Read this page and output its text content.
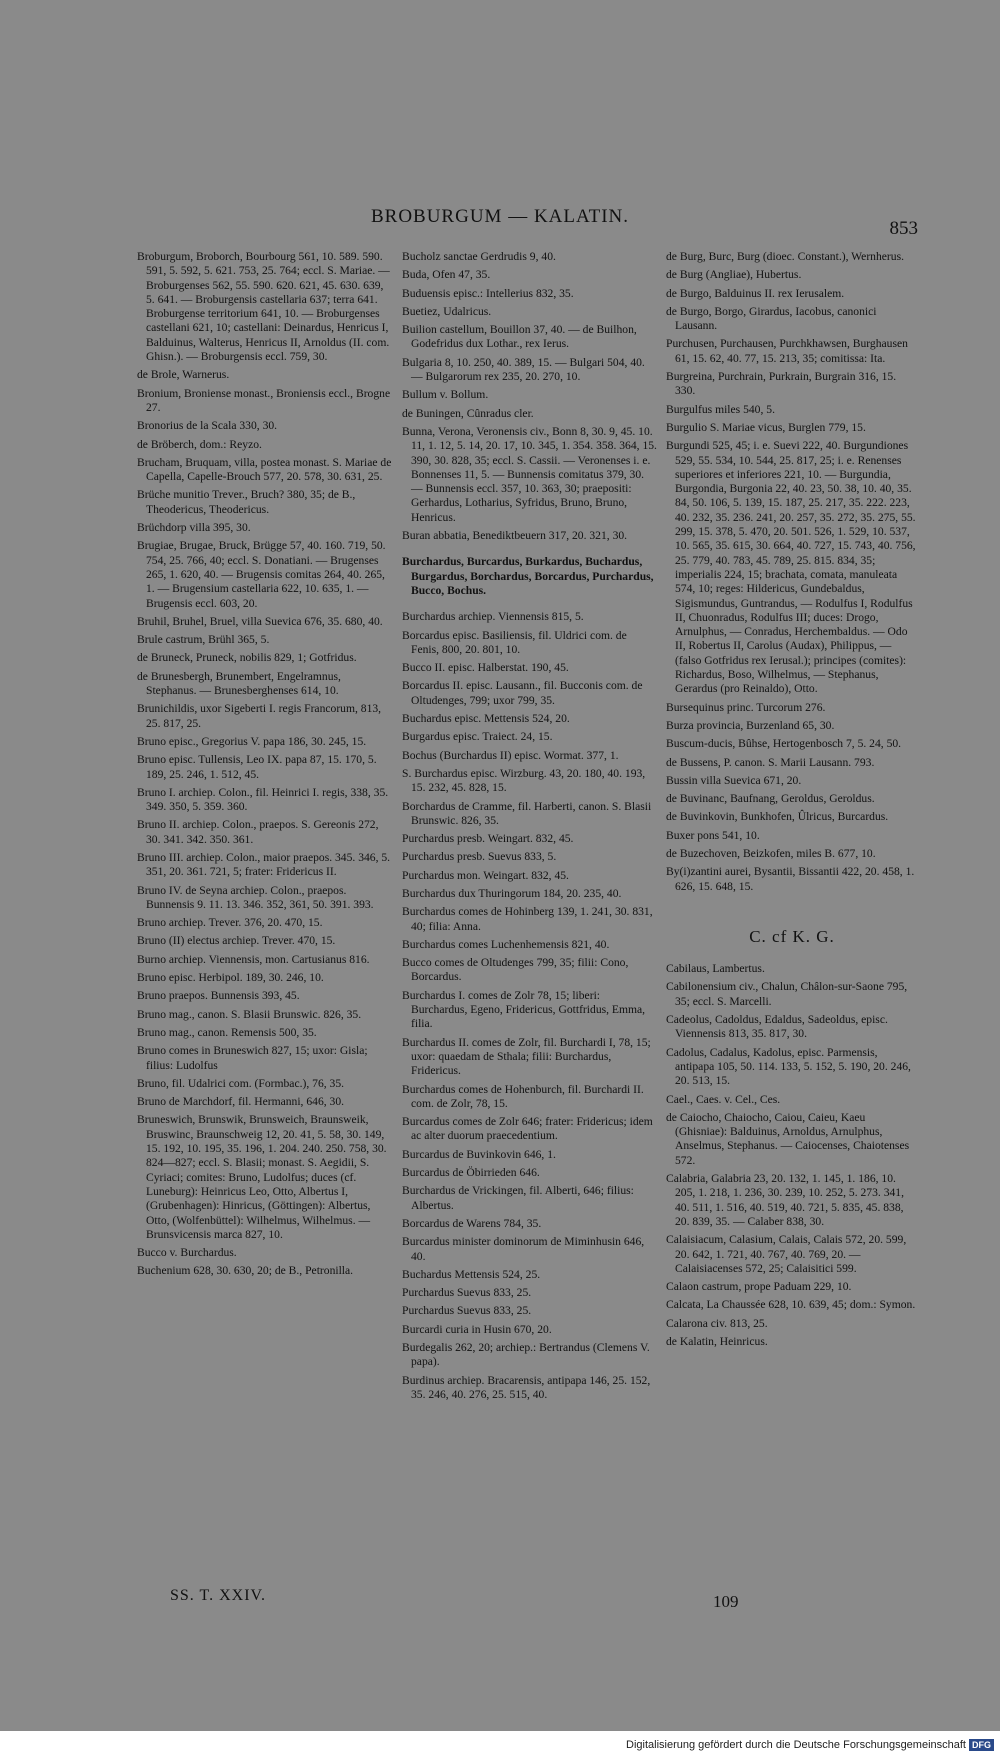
BROBURGUM — KALATIN.
853

Broburgum, Broborch, Bourbourg 561, 10. 589. 590. 591, 5. 592, 5. 621. 753, 25. 764; eccl. S. Mariae. — Broburgenses 562, 55. 590. 620. 621, 45. 630. 639, 5. 641. — Broburgensis castellaria 637; terra 641. Broburgense territorium 641, 10. — Broburgenses castellani 621, 10; castellani: Deinardus, Henricus I, Balduinus, Walterus, Henricus II, Arnoldus (II. com. Ghisn.). — Broburgensis eccl. 759, 30.

de Brole, Warnerus.

Bronium, Broniense monast., Broniensis eccl., Brogne 27.

Bronorius de la Scala 330, 30.

de Bröberch, dom.: Reyzo.

Brucham, Bruquam, villa, postea monast. S. Mariae de Capella, Capelle-Brouch 577, 20. 578, 30. 631, 25.

Brüche munitio Trever., Bruch? 380, 35; de B., Theodericus, Theodericus.

Brüchdorp villa 395, 30.

Brugiae, Brugae, Bruck, Brügge 57, 40. 160. 719, 50. 754, 25. 766, 40; eccl. S. Donatiani. — Brugenses 265, 1. 620, 40. — Brugensis comitas 264, 40. 265, 1. — Brugensium castellaria 622, 10. 635, 1. — Brugensis eccl. 603, 20.

Bruhil, Bruhel, Bruel, villa Suevica 676, 35. 680, 40.

Brule castrum, Brühl 365, 5.

de Bruneck, Pruneck, nobilis 829, 1; Gotfridus.

de Brunesbergh, Brunembert, Engelramnus, Stephanus. — Brunesberghenses 614, 10.

Brunichildis, uxor Sigeberti I. regis Francorum, 813, 25. 817, 25.

Bruno episc., Gregorius V. papa 186, 30. 245, 15.

Bruno episc. Tullensis, Leo IX. papa 87, 15. 170, 5. 189, 25. 246, 1. 512, 45.

Bruno I. archiep. Colon., fil. Heinrici I. regis, 338, 35. 349. 350, 5. 359. 360.

Bruno II. archiep. Colon., praepos. S. Gereonis 272, 30. 341. 342. 350. 361.

Bruno III. archiep. Colon., maior praepos. 345. 346, 5. 351, 20. 361. 721, 5; frater: Fridericus II.

Bruno IV. de Seyna archiep. Colon., praepos. Bunnensis 9. 11. 13. 346. 352, 361, 50. 391. 393.

Bruno archiep. Trever. 376, 20. 470, 15.

Bruno (II) electus archiep. Trever. 470, 15.

Burno archiep. Viennensis, mon. Cartusianus 816.

Bruno episc. Herbipol. 189, 30. 246, 10.

Bruno praepos. Bunnensis 393, 45.

Bruno mag., canon. S. Blasii Brunswic. 826, 35.

Bruno mag., canon. Remensis 500, 35.

Bruno comes in Bruneswich 827, 15; uxor: Gisla; filius: Ludolfus

Bruno, fil. Udalrici com. (Formbac.), 76, 35.

Bruno de Marchdorf, fil. Hermanni, 646, 30.

Bruneswich, Brunswik, Brunsweich, Braunsweik, Bruswinc, Braunschweig 12, 20. 41, 5. 58, 30. 149, 15. 192, 10. 195, 35. 196, 1. 204. 240. 250. 758, 30. 824—827; eccl. S. Blasii; monast. S. Aegidii, S. Cyriaci; comites: Bruno, Ludolfus; duces (cf. Luneburg): Heinricus Leo, Otto, Albertus I, (Grubenhagen): Hinricus, (Göttingen): Albertus, Otto, (Wolfenbüttel): Wilhelmus, Wilhelmus. — Brunsvicensis marca 827, 10.

Bucco v. Burchardus.

Buchenium 628, 30. 630, 20; de B., Petronilla.

Bucholz sanctae Gerdrudis 9, 40.

Buda, Ofen 47, 35.

Buduensis episc.: Intellerius 832, 35.

Buetiez, Udalricus.

Builion castellum, Bouillon 37, 40. — de Builhon, Godefridus dux Lothar., rex Ierus.

Bulgaria 8, 10. 250, 40. 389, 15. — Bulgari 504, 40. — Bulgarorum rex 235, 20. 270, 10.

Bullum v. Bollum.

de Buningen, Cûnradus cler.

Bunna, Verona, Veronensis civ., Bonn 8, 30. 9, 45. 10. 11, 1. 12, 5. 14, 20. 17, 10. 345, 1. 354. 358. 364, 15. 390, 30. 828, 35; eccl. S. Cassii. — Veronenses i. e. Bonnenses 11, 5. — Bunnensis comitatus 379, 30. — Bunnensis eccl. 357, 10. 363, 30; praepositi: Gerhardus, Lotharius, Syfridus, Bruno, Bruno, Henricus.

Buran abbatia, Benediktbeuern 317, 20. 321, 30.

Burchardus, Burcardus, Burkardus, Buchardus, Burgardus, Borchardus, Borcardus, Purchardus, Bucco, Bochus.

Burchardus archiep. Viennensis 815, 5.

Borcardus episc. Basiliensis, fil. Uldrici com. de Fenis, 800, 20. 801, 10.

Bucco II. episc. Halberstat. 190, 45.

Borcardus II. episc. Lausann., fil. Bucconis com. de Oltudenges, 799; uxor 799, 35.

Buchardus episc. Mettensis 524, 20.

Burgardus episc. Traiect. 24, 15.

Bochus (Burchardus II) episc. Wormat. 377, 1.

S. Burchardus episc. Wirzburg. 43, 20. 180, 40. 193, 15. 232, 45. 828, 15.

Borchardus de Cramme, fil. Harberti, canon. S. Blasii Brunswic. 826, 35.

Purchardus presb. Weingart. 832, 45.

Purchardus presb. Suevus 833, 5.

Purchardus mon. Weingart. 832, 45.

Burchardus dux Thuringorum 184, 20. 235, 40.

Burchardus comes de Hohinberg 139, 1. 241, 30. 831, 40; filia: Anna.

Burchardus comes Luchenhemensis 821, 40.

Bucco comes de Oltudenges 799, 35; filii: Cono, Borcardus.

Burchardus I. comes de Zolr 78, 15; liberi: Burchardus, Egeno, Fridericus, Gottfridus, Emma, filia.

Burchardus II. comes de Zolr, fil. Burchardi I, 78, 15; uxor: quaedam de Sthala; filii: Burchardus, Fridericus.

Burchardus comes de Hohenburch, fil. Burchardi II. com. de Zolr, 78, 15.

Burcardus comes de Zolr 646; frater: Fridericus; idem ac alter duorum praecedentium.

Burcardus de Buvinkovin 646, 1.

Burcardus de Öbirrieden 646.

Burchardus de Vrickingen, fil. Alberti, 646; filius: Albertus.

Borcardus de Warens 784, 35.

Burcardus minister dominorum de Miminhusin 646, 40.

Buchardus Mettensis 524, 25.

Purchardus Suevus 833, 25.

Purchardus Suevus 833, 25.

Burcardi curia in Husin 670, 20.

Burdegalis 262, 20; archiep.: Bertrandus (Clemens V. papa).

Burdinus archiep. Bracarensis, antipapa 146, 25. 152, 35. 246, 40. 276, 25. 515, 40.

de Burg, Burc, Burg (dioec. Constant.), Wernherus.

de Burg (Angliae), Hubertus.

de Burgo, Balduinus II. rex Ierusalem.

de Burgo, Borgo, Girardus, Iacobus, canonici Lausann.

Purchusen, Purchausen, Purchkhawsen, Burghausen 61, 15. 62, 40. 77, 15. 213, 35; comitissa: Ita.

Burgreina, Purchrain, Purkrain, Burgrain 316, 15. 330.

Burgulfus miles 540, 5.

Burgulio S. Mariae vicus, Burglen 779, 15.

Burgundi 525, 45; i. e. Suevi 222, 40. Burgundiones 529, 55. 534, 10. 544, 25. 817, 25; i. e. Renenses superiores et inferiores 221, 10. — Burgundia, Burgondia, Burgonia 22, 40. 23, 50. 38, 10. 40, 35. 84, 50. 106, 5. 139, 15. 187, 25. 217, 35. 222. 223, 40. 232, 35. 236. 241, 20. 257, 35. 272, 35. 275, 55. 299, 15. 378, 5. 470, 20. 501. 526, 1. 529, 10. 537, 10. 565, 35. 615, 30. 664, 40. 727, 15. 743, 40. 756, 25. 779, 40. 783, 45. 789, 25. 815. 834, 35; imperialis 224, 15; brachata, comata, manuleata 574, 10; reges: Hildericus, Gundebaldus, Sigismundus, Guntrandus, — Rodulfus I, Rodulfus II, Chuonradus, Rodulfus III; duces: Drogo, Arnulphus, — Conradus, Herchembaldus. — Odo II, Robertus II, Carolus (Audax), Philippus, — (falso Gotfridus rex Ierusal.); principes (comites): Richardus, Boso, Wilhelmus, — Stephanus, Gerardus (pro Reinaldo), Otto.

Bursequinus princ. Turcorum 276.

Burza provincia, Burzenland 65, 30.

Buscum-ducis, Bûhse, Hertogenbosch 7, 5. 24, 50.

de Bussens, P. canon. S. Marii Lausann. 793.

Bussin villa Suevica 671, 20.

de Buvinanc, Baufnang, Geroldus, Geroldus.

de Buvinkovin, Bunkhofen, Ûlricus, Burcardus.

Buxer pons 541, 10.

de Buzechoven, Beizkofen, miles B. 677, 10.

By(i)zantini aurei, Bysantii, Bissantii 422, 20. 458, 1. 626, 15. 648, 15.

C. cf K. G.

Cabilaus, Lambertus.

Cabilonensium civ., Chalun, Châlon-sur-Saone 795, 35; eccl. S. Marcelli.

Cadeolus, Cadoldus, Edaldus, Sadeoldus, episc. Viennensis 813, 35. 817, 30.

Cadolus, Cadalus, Kadolus, episc. Parmensis, antipapa 105, 50. 114. 133, 5. 152, 5. 190, 20. 246, 20. 513, 15.

Cael., Caes. v. Cel., Ces.

de Caiocho, Chaiocho, Caiou, Caieu, Kaeu (Ghisniae): Balduinus, Arnoldus, Arnulphus, Anselmus, Stephanus. — Caiocenses, Chaiotenses 572.

Calabria, Galabria 23, 20. 132, 1. 145, 1. 186, 10. 205, 1. 218, 1. 236, 30. 239, 10. 252, 5. 273. 341, 40. 511, 1. 516, 40. 519, 40. 721, 5. 835, 45. 838, 20. 839, 35. — Calaber 838, 30.

Calaisiacum, Calasium, Calais, Calais 572, 20. 599, 20. 642, 1. 721, 40. 767, 40. 769, 20. — Calaisiacenses 572, 25; Calaisitici 599.

Calaon castrum, prope Paduam 229, 10.

Calcata, La Chaussée 628, 10. 639, 45; dom.: Symon.

Calarona civ. 813, 25.

de Kalatin, Heinricus.

SS. T. XXIV.	109
Digitalisierung gefördert durch die Deutsche Forschungsgemeinschaft DFG
